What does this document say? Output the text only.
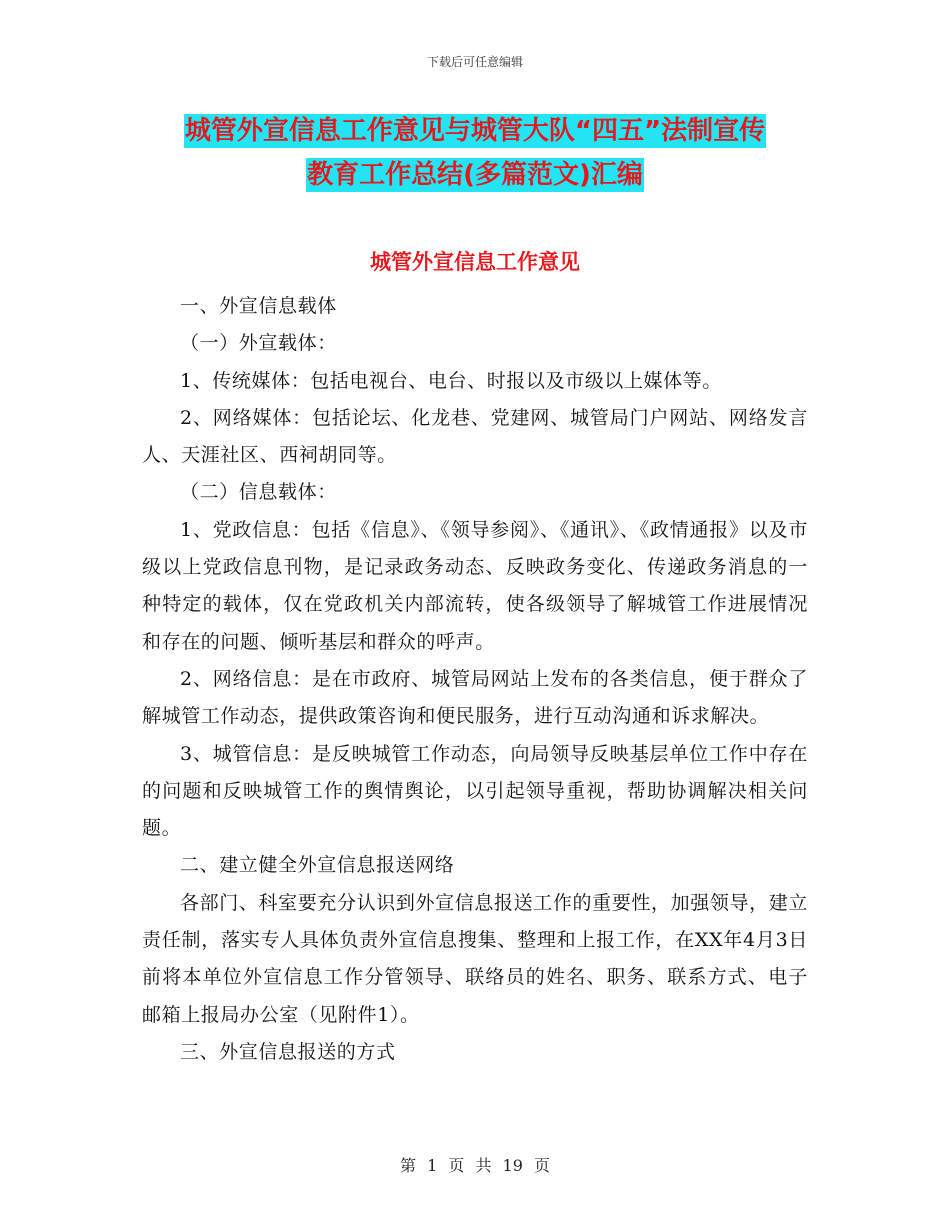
下载后可任意编辑
城管外宣信息工作意见与城管大队“四五”法制宣传
教育工作总结(多篇范文)汇编
城管外宣信息工作意见

一、外宣信息载体

（一）外宣载体：

1、传统媒体：包括电视台、电台、时报以及市级以上媒体等。

2、网络媒体：包括论坛、化龙巷、党建网、城管局门户网站、网络发言人、天涯社区、西祠胡同等。

（二）信息载体：

1、党政信息：包括《信息》、《领导参阅》、《通讯》、《政情通报》以及市级以上党政信息刊物，是记录政务动态、反映政务变化、传递政务消息的一种特定的载体，仅在党政机关内部流转，使各级领导了解城管工作进展情况和存在的问题、倾听基层和群众的呼声。

2、网络信息：是在市政府、城管局网站上发布的各类信息，便于群众了解城管工作动态，提供政策咨询和便民服务，进行互动沟通和诉求解决。

3、城管信息：是反映城管工作动态，向局领导反映基层单位工作中存在的问题和反映城管工作的舆情舆论，以引起领导重视，帮助协调解决相关问题。

二、建立健全外宣信息报送网络

各部门、科室要充分认识到外宣信息报送工作的重要性，加强领导，建立责任制，落实专人具体负责外宣信息搜集、整理和上报工作，在XX年4月3日前将本单位外宣信息工作分管领导、联络员的姓名、职务、联系方式、电子邮箱上报局办公室（见附件1）。

三、外宣信息报送的方式

第 1 页 共 19 页
